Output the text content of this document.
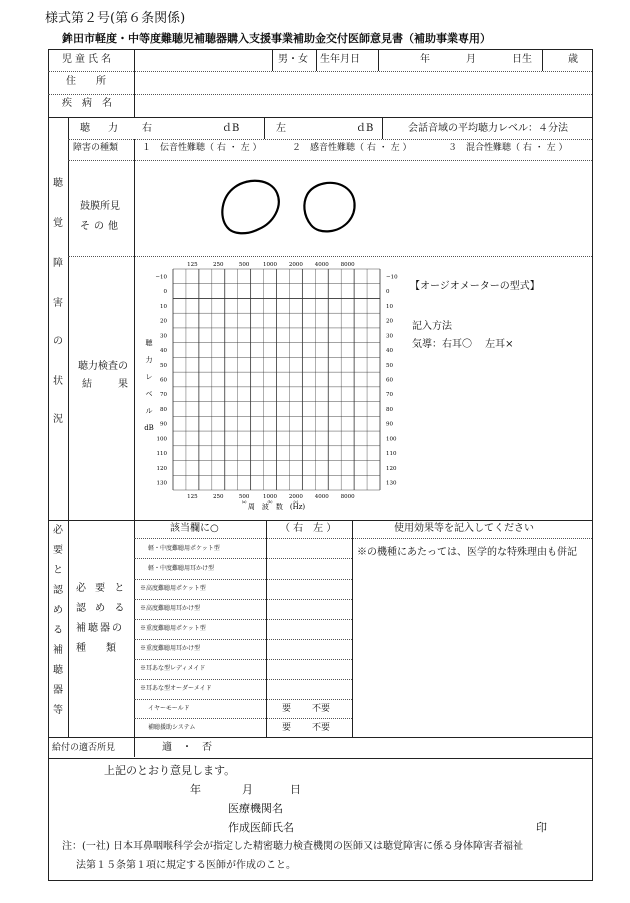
様式第２号(第６条関係)
鉾田市軽度・中等度難聴児補聴器購入支援事業補助金交付医師意見書（補助事業専用）
児童氏名	男・女 生年月日	年	月	日生	歳
住　　所
疾　病　名
聴
覚
障
害
の
状
況
聴　力 右	ｄB	左	ｄB	会話音域の平均聴力レベル：４分法
障害の種類	１　伝音性難聴（ 右 ・ 左 ）	２　感音性難聴（ 右 ・ 左 ）	３　混合性難聴（ 右 ・ 左 ）
鼓膜所見
その他
聴力検査の
結　　果
−10	−10
0	0
10	10
20	20
30	30
40	40
50	50
60	60
70	70
80	80
90	90
100	100
110	110
120	120
130	130
125
125
250
250
500
500
1000
1000
2000
2000
4000
4000
8000
8000
(a)	(b)	(c)
聴
力
レ
ベ
ル
dB
周　波　数　(Hz)
【オージオメーターの型式】
記入方法
気導：右耳〇　 左耳×
必
要
と
認
め
る
補
聴
器
等
必 要 と
認 め る
補聴器の
種　　類
該当欄に○	（ 右　左 ）	使用効果等を記入してください
※の機種にあたっては、医学的な特殊理由も併記
軽・中度難聴用ポケット型
軽・中度難聴用耳かけ型
※高度難聴用ポケット型
※高度難聴用耳かけ型
※重度難聴用ポケット型
※重度難聴用耳かけ型
※耳あな型レディメイド
※耳あな型オーダーメイド
イヤーモールド	要 不要
補聴援助システム	要 不要
給付の適否所見	適　・　否
上記のとおり意見します。
年	月	日
医療機関名
作成医師氏名	印
注：(一社) 日本耳鼻咽喉科学会が指定した精密聴力検査機関の医師又は聴覚障害に係る身体障害者福祉
法第１５条第１項に規定する医師が作成のこと。
